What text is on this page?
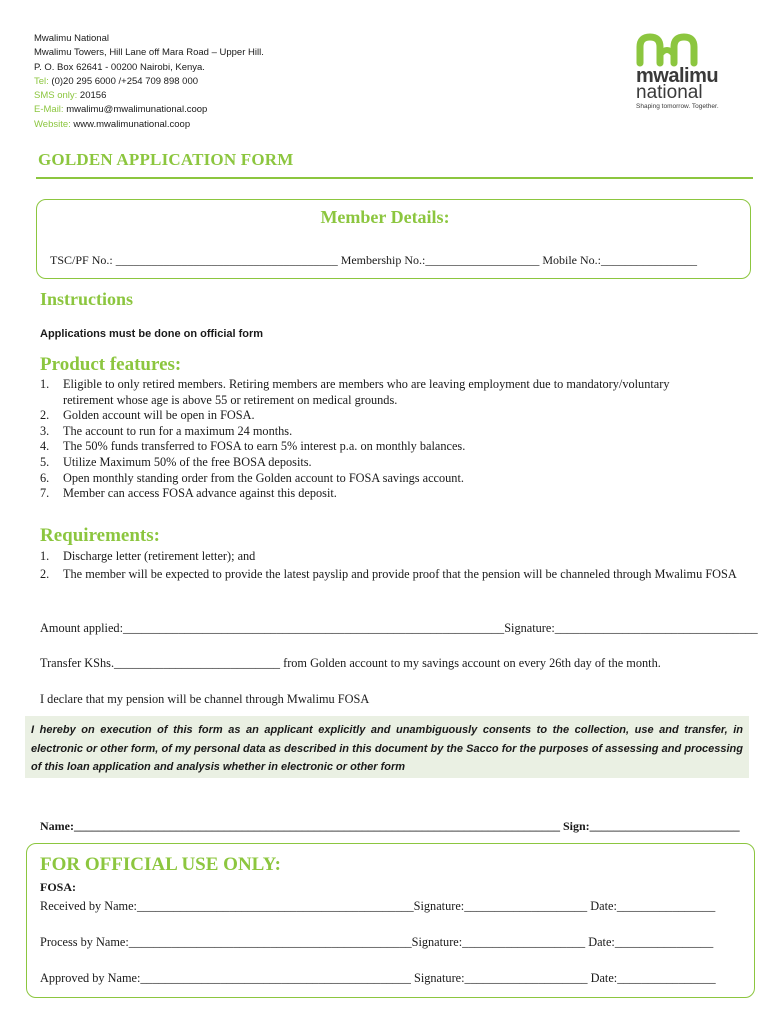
Mwalimu National
Mwalimu Towers, Hill Lane off Mara Road – Upper Hill.
P. O. Box 62641 - 00200 Nairobi, Kenya.
Tel: (0)20 295 6000 /+254 709 898 000
SMS only: 20156
E-Mail: mwalimu@mwalimunational.coop
Website: www.mwalimunational.coop
mwalimu
national
Shaping tomorrow. Together.
GOLDEN APPLICATION FORM
Member Details:
TSC/PF No.: _____________________________________ Membership No.:___________________ Mobile No.:________________
Instructions
Applications must be done on official form
Product features:
1. Eligible to only retired members. Retiring members are members who are leaving employment due to mandatory/voluntary retirement whose age is above 55 or retirement on medical grounds.
2. Golden account will be open in FOSA.
3. The account to run for a maximum 24 months.
4. The 50% funds transferred to FOSA to earn 5% interest p.a. on monthly balances.
5. Utilize Maximum 50% of the free BOSA deposits.
6. Open monthly standing order from the Golden account to FOSA savings account.
7. Member can access FOSA advance against this deposit.
Requirements:
1. Discharge letter (retirement letter); and
2. The member will be expected to provide the latest payslip and provide proof that the pension will be channeled through Mwalimu FOSA
Amount applied:______________________________________________________________Signature:_________________________________
Transfer KShs.___________________________ from Golden account to my savings account on every 26th day of the month.
I declare that my pension will be channel through Mwalimu FOSA
I hereby on execution of this form as an applicant explicitly and unambiguously consents to the collection, use and transfer, in electronic or other form, of my personal data as described in this document by the Sacco for the purposes of assessing and processing of this loan application and analysis whether in electronic or other form
Name:_________________________________________________________________________________ Sign:_________________________
FOR OFFICIAL USE ONLY:
FOSA:
Received by Name:_____________________________________________Signature:____________________ Date:________________
Process by Name:______________________________________________Signature:____________________ Date:________________
Approved by Name:____________________________________________ Signature:____________________ Date:________________
